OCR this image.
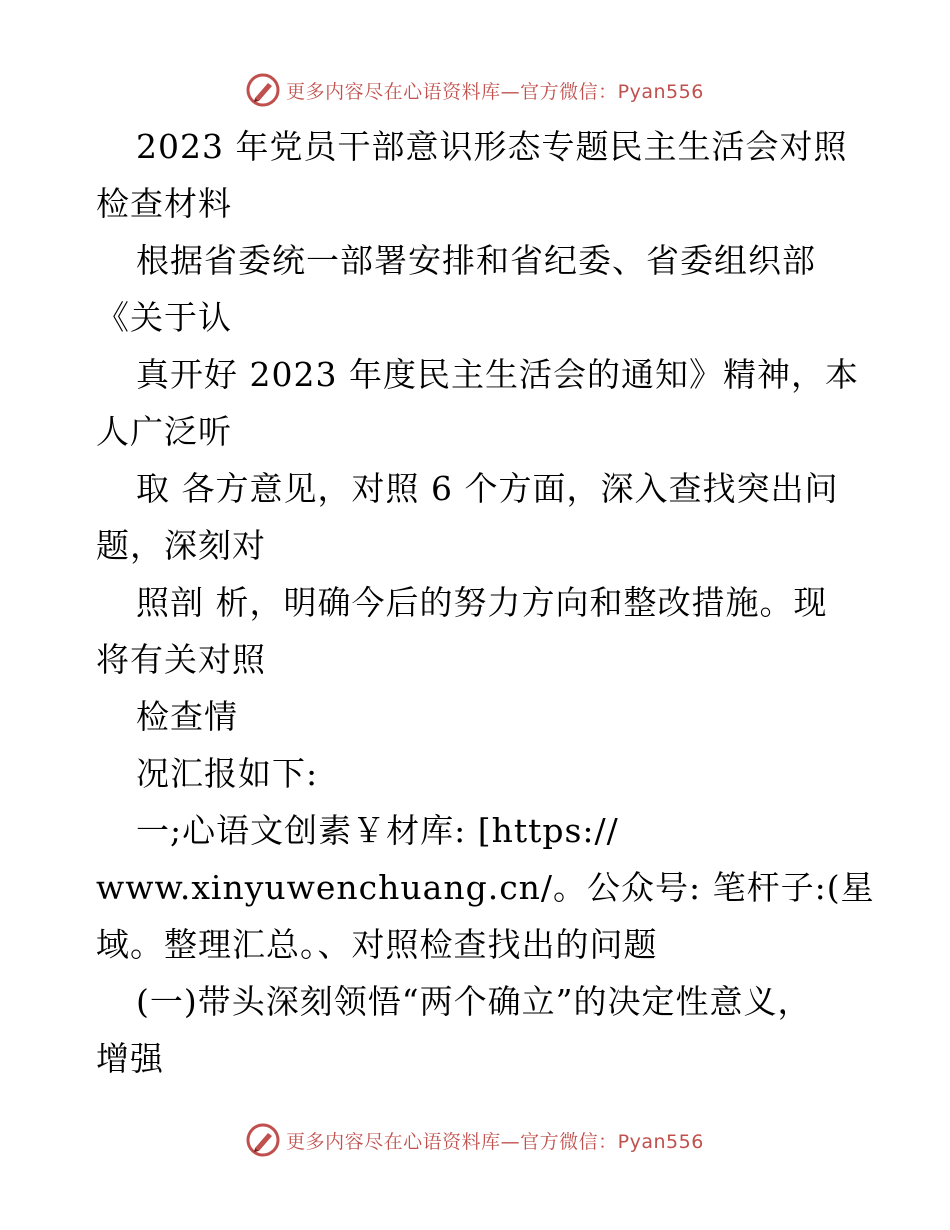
更多内容尽在心语资料库—官方微信：Pyan556
2023 年党员干部意识形态专题民主生活会对照
检查材料
根据省委统一部署安排和省纪委、省委组织部
《关于认
真开好 2023 年度民主生活会的通知》精神，本
人广泛听
取 各方意见，对照 6 个方面，深入查找突出问
题，深刻对
照剖 析，明确今后的努力方向和整改措施。现
将有关对照
检查情
况汇报如下:
一;心语文创素￥材库: [https://
www.xinyuwenchuang.cn/。公众号: 笔杆子:(星
域。整理汇总。、对照检查找出的问题
(一)带头深刻领悟“两个确立”的决定性意义，
增强
更多内容尽在心语资料库—官方微信：Pyan556
